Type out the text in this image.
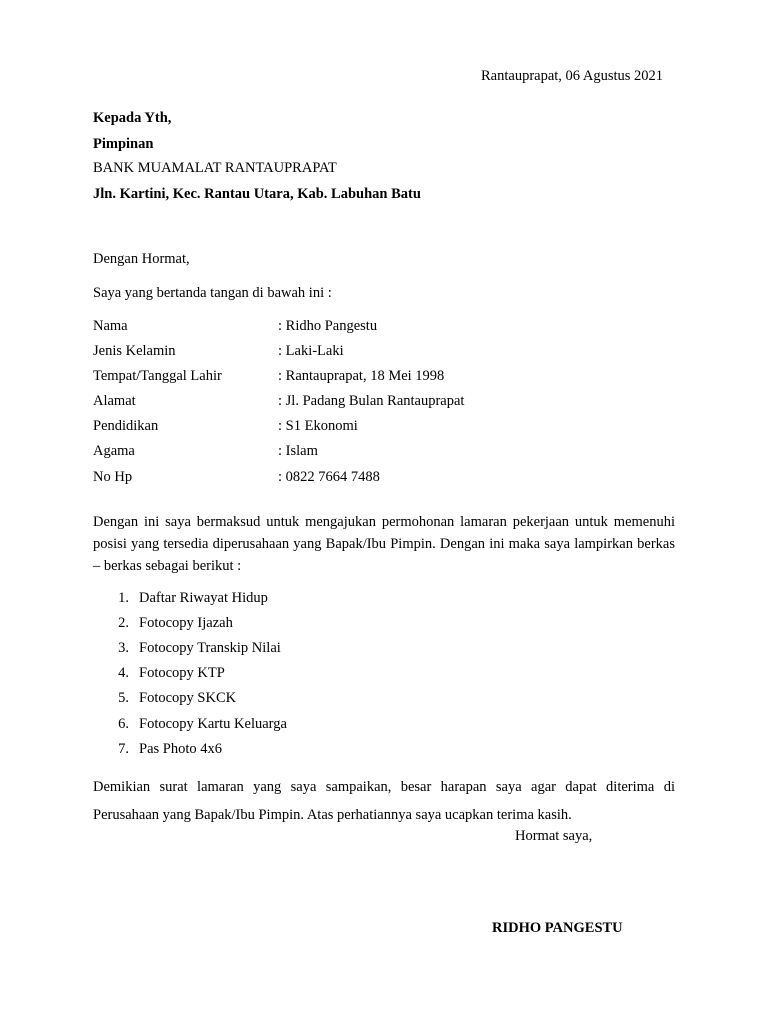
Rantauprapat, 06 Agustus 2021
Kepada Yth,
Pimpinan
BANK MUAMALAT RANTAUPRAPAT
Jln. Kartini, Kec. Rantau Utara, Kab. Labuhan Batu
Dengan Hormat,
Saya yang bertanda tangan di bawah ini :
Nama	: Ridho Pangestu
Jenis Kelamin	: Laki-Laki
Tempat/Tanggal Lahir	: Rantauprapat, 18 Mei 1998
Alamat	: Jl. Padang Bulan Rantauprapat
Pendidikan	: S1 Ekonomi
Agama	: Islam
No Hp	: 0822 7664 7488
Dengan ini saya bermaksud untuk mengajukan permohonan lamaran pekerjaan untuk memenuhi posisi yang tersedia diperusahaan yang Bapak/Ibu Pimpin. Dengan ini maka saya lampirkan berkas – berkas sebagai berikut :
1. Daftar Riwayat Hidup
2. Fotocopy Ijazah
3. Fotocopy Transkip Nilai
4. Fotocopy KTP
5. Fotocopy SKCK
6. Fotocopy Kartu Keluarga
7. Pas Photo 4x6
Demikian surat lamaran yang saya sampaikan, besar harapan saya agar dapat diterima di Perusahaan yang Bapak/Ibu Pimpin. Atas perhatiannya saya ucapkan terima kasih.
Hormat saya,
RIDHO PANGESTU
